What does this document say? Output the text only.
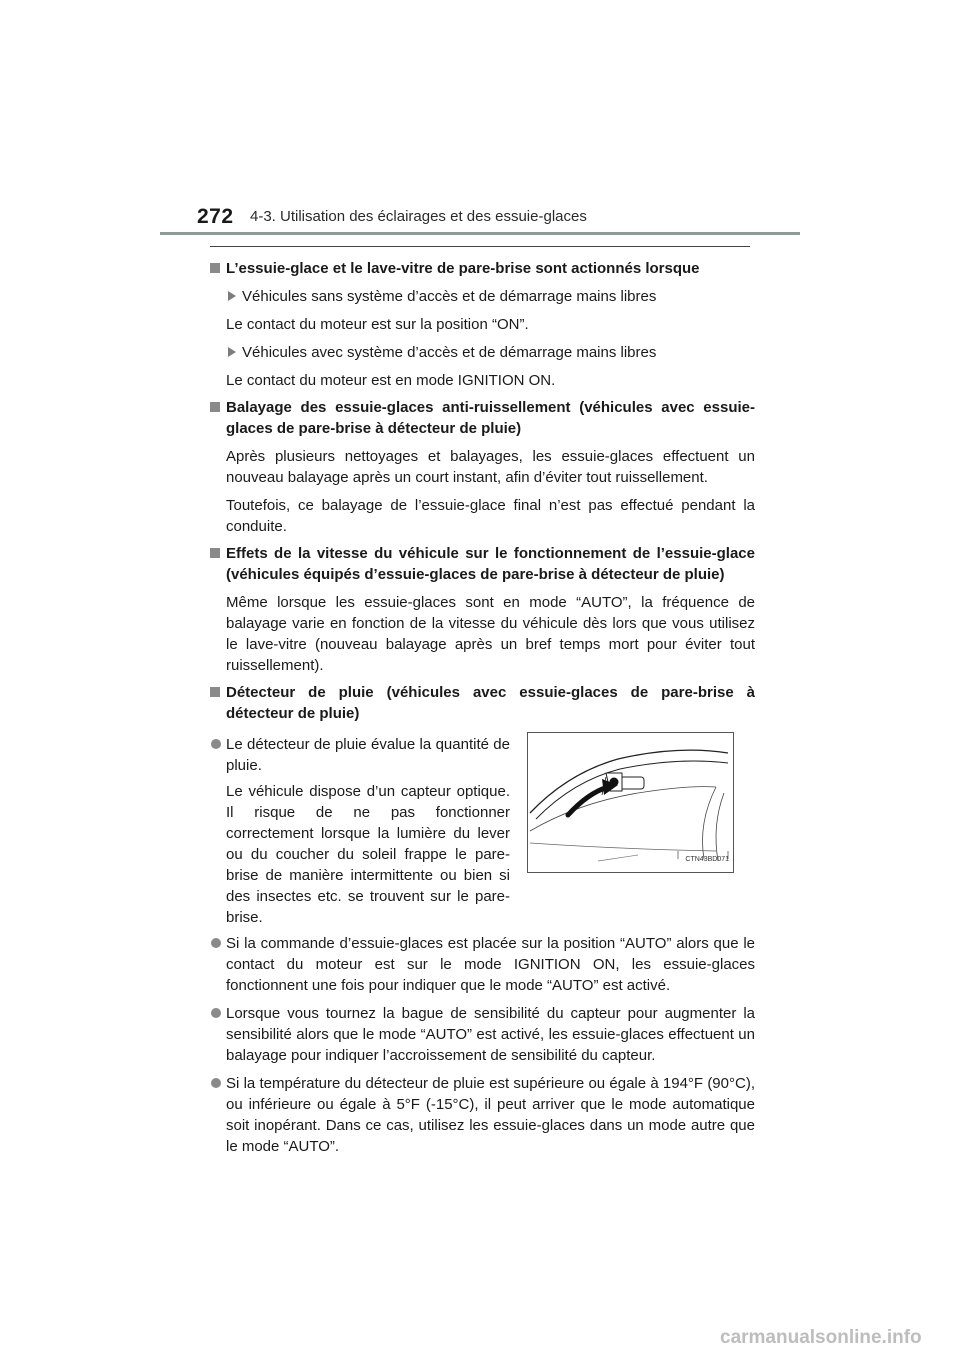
272 4-3. Utilisation des éclairages et des essuie-glaces
L’essuie-glace et le lave-vitre de pare-brise sont actionnés lorsque
Véhicules sans système d’accès et de démarrage mains libres
Le contact du moteur est sur la position “ON”.
Véhicules avec système d’accès et de démarrage mains libres
Le contact du moteur est en mode IGNITION ON.
Balayage des essuie-glaces anti-ruissellement (véhicules avec essuie-glaces de pare-brise à détecteur de pluie)
Après plusieurs nettoyages et balayages, les essuie-glaces effectuent un nouveau balayage après un court instant, afin d’éviter tout ruissellement.
Toutefois, ce balayage de l’essuie-glace final n’est pas effectué pendant la conduite.
Effets de la vitesse du véhicule sur le fonctionnement de l’essuie-glace (véhicules équipés d’essuie-glaces de pare-brise à détecteur de pluie)
Même lorsque les essuie-glaces sont en mode “AUTO”, la fréquence de balayage varie en fonction de la vitesse du véhicule dès lors que vous utilisez le lave-vitre (nouveau balayage après un bref temps mort pour éviter tout ruissellement).
Détecteur de pluie (véhicules avec essuie-glaces de pare-brise à détecteur de pluie)
Le détecteur de pluie évalue la quantité de pluie.
Le véhicule dispose d’un capteur optique. Il risque de ne pas fonctionner correctement lorsque la lumière du lever ou du coucher du soleil frappe le pare-brise de manière intermittente ou bien si des insectes etc. se trouvent sur le pare-brise.
CTN43BD071
Si la commande d’essuie-glaces est placée sur la position “AUTO” alors que le contact du moteur est sur le mode IGNITION ON, les essuie-glaces fonctionnent une fois pour indiquer que le mode “AUTO” est activé.
Lorsque vous tournez la bague de sensibilité du capteur pour augmenter la sensibilité alors que le mode “AUTO” est activé, les essuie-glaces effectuent un balayage pour indiquer l’accroissement de sensibilité du capteur.
Si la température du détecteur de pluie est supérieure ou égale à 194°F (90°C), ou inférieure ou égale à 5°F (-15°C), il peut arriver que le mode automatique soit inopérant. Dans ce cas, utilisez les essuie-glaces dans un mode autre que le mode “AUTO”.
carmanualsonline.info
